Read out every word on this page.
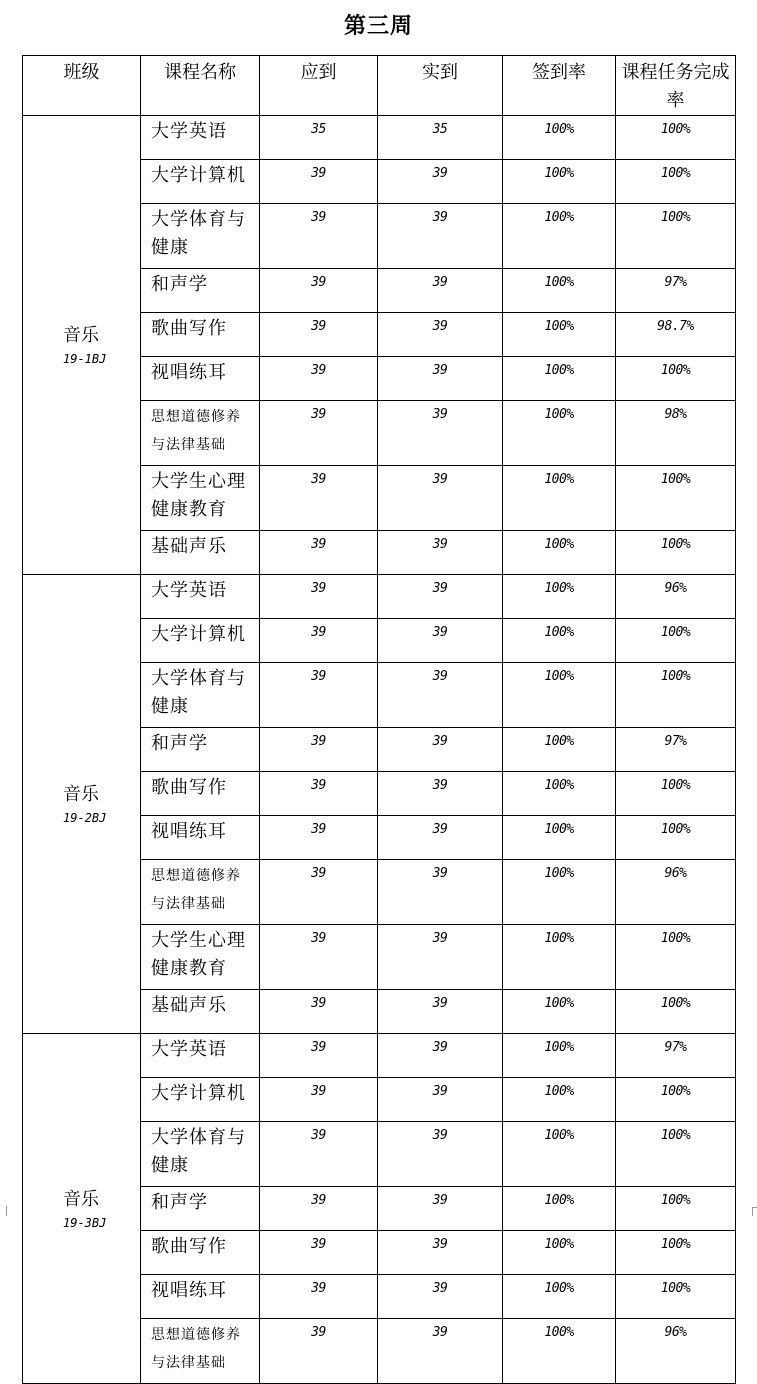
第三周
班级	课程名称	应到	实到	签到率	课程任务完成率

音乐
19-1BJ	大学英语	35	35	100%	100%
	大学计算机	39	39	100%	100%
	大学体育与健康	39	39	100%	100%
	和声学	39	39	100%	97%
	歌曲写作	39	39	100%	98.7%
	视唱练耳	39	39	100%	100%
	思想道德修养与法律基础	39	39	100%	98%
	大学生心理健康教育	39	39	100%	100%
	基础声乐	39	39	100%	100%

音乐
19-2BJ	大学英语	39	39	100%	96%
	大学计算机	39	39	100%	100%
	大学体育与健康	39	39	100%	100%
	和声学	39	39	100%	97%
	歌曲写作	39	39	100%	100%
	视唱练耳	39	39	100%	100%
	思想道德修养与法律基础	39	39	100%	96%
	大学生心理健康教育	39	39	100%	100%
	基础声乐	39	39	100%	100%

音乐
19-3BJ	大学英语	39	39	100%	97%
	大学计算机	39	39	100%	100%
	大学体育与健康	39	39	100%	100%
	和声学	39	39	100%	100%
	歌曲写作	39	39	100%	100%
	视唱练耳	39	39	100%	100%
	思想道德修养与法律基础	39	39	100%	96%
